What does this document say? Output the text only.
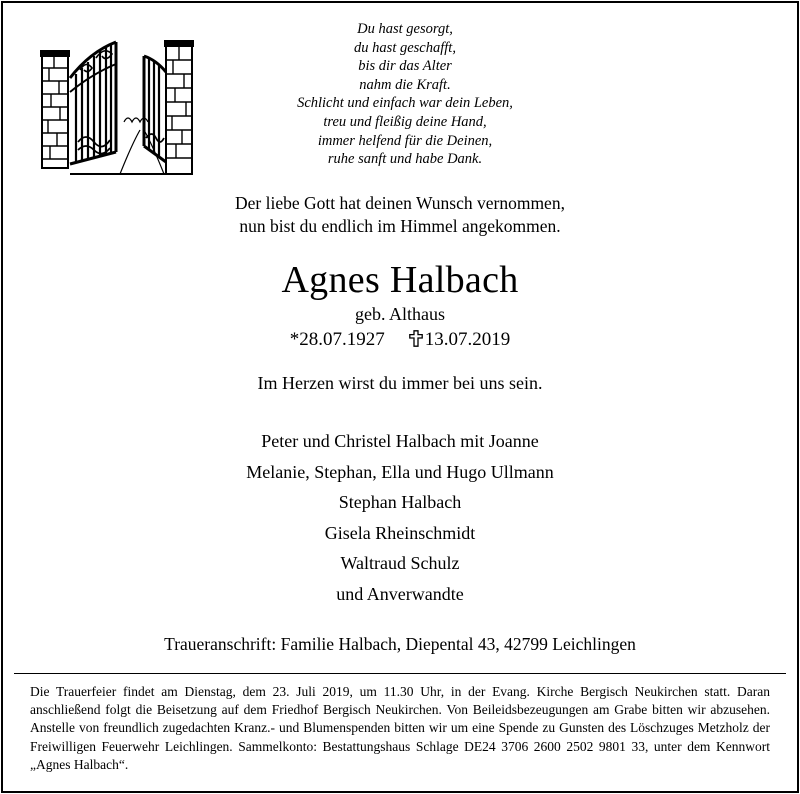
Du hast gesorgt,
du hast geschafft,
bis dir das Alter
nahm die Kraft.
Schlicht und einfach war dein Leben,
treu und fleißig deine Hand,
immer helfend für die Deinen,
ruhe sanft und habe Dank.
Der liebe Gott hat deinen Wunsch vernommen,
nun bist du endlich im Himmel angekommen.
Agnes Halbach
geb. Althaus
*28.07.1927 13.07.2019
Im Herzen wirst du immer bei uns sein.
Peter und Christel Halbach mit Joanne
Melanie, Stephan, Ella und Hugo Ullmann
Stephan Halbach
Gisela Rheinschmidt
Waltraud Schulz
und Anverwandte
Traueranschrift: Familie Halbach, Diepental 43, 42799 Leichlingen
Die Trauerfeier findet am Dienstag, dem 23. Juli 2019, um 11.30 Uhr, in der Evang. Kirche Bergisch Neukirchen statt. Daran anschließend folgt die Beisetzung auf dem Friedhof Bergisch Neukirchen. Von Beileidsbezeugungen am Grabe bitten wir abzusehen. Anstelle von freundlich zugedachten Kranz.- und Blumenspenden bitten wir um eine Spende zu Gunsten des Löschzuges Metzholz der Freiwilligen Feuerwehr Leichlingen. Sammelkonto: Bestattungshaus Schlage DE24 3706 2600 2502 9801 33, unter dem Kennwort „Agnes Halbach“.
